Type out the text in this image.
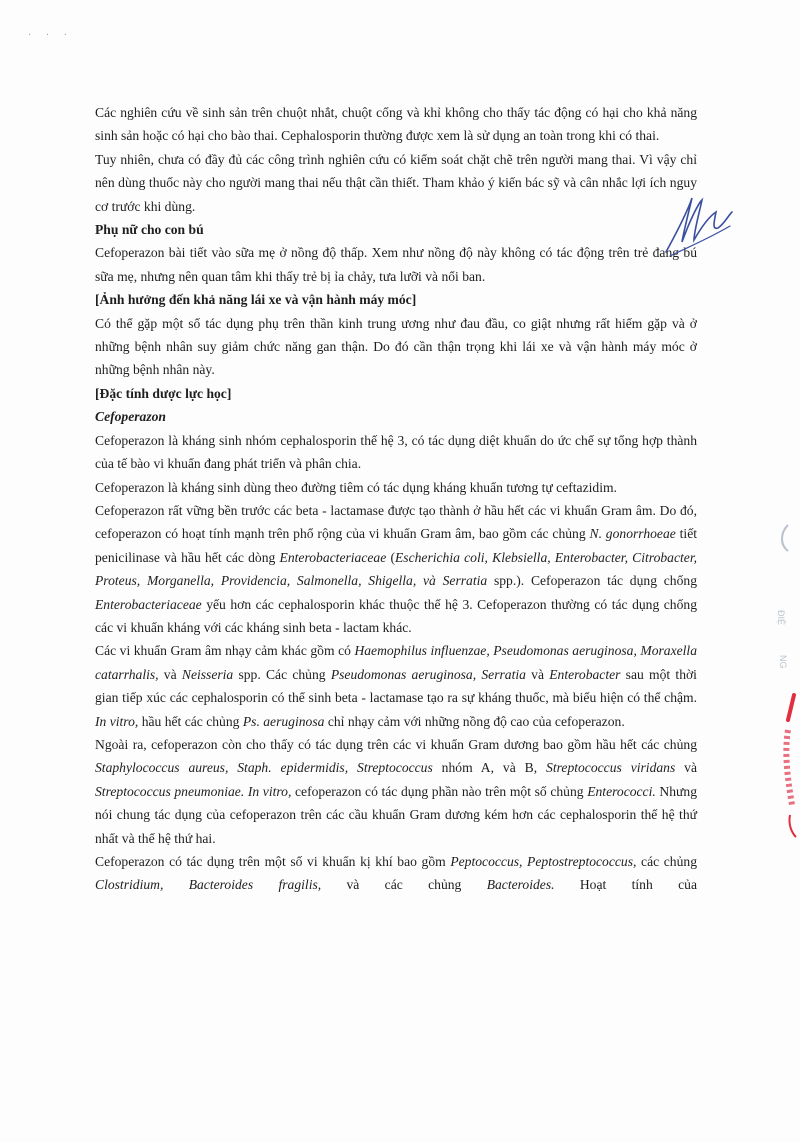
· · ·

Các nghiên cứu về sinh sản trên chuột nhắt, chuột cống và khỉ không cho thấy tác động có hại cho khả năng sinh sản hoặc có hại cho bào thai. Cephalosporin thường được xem là sử dụng an toàn trong khi có thai.

Tuy nhiên, chưa có đầy đủ các công trình nghiên cứu có kiểm soát chặt chẽ trên người mang thai. Vì vậy chỉ nên dùng thuốc này cho người mang thai nếu thật cần thiết. Tham khảo ý kiến bác sỹ và cân nhắc lợi ích nguy cơ trước khi dùng.

Phụ nữ cho con bú

Cefoperazon bài tiết vào sữa mẹ ở nồng độ thấp. Xem như nồng độ này không có tác động trên trẻ đang bú sữa mẹ, nhưng nên quan tâm khi thấy trẻ bị ỉa chảy, tưa lưỡi và nổi ban.

[Ảnh hưởng đến khả năng lái xe và vận hành máy móc]

Có thể gặp một số tác dụng phụ trên thần kinh trung ương như đau đầu, co giật nhưng rất hiếm gặp và ở những bệnh nhân suy giảm chức năng gan thận. Do đó cần thận trọng khi lái xe và vận hành máy móc ở những bệnh nhân này.

[Đặc tính dược lực học]

Cefoperazon

Cefoperazon là kháng sinh nhóm cephalosporin thế hệ 3, có tác dụng diệt khuẩn do ức chế sự tổng hợp thành của tế bào vi khuẩn đang phát triển và phân chia.

Cefoperazon là kháng sinh dùng theo đường tiêm có tác dụng kháng khuẩn tương tự ceftazidim.

Cefoperazon rất vững bền trước các beta - lactamase được tạo thành ở hầu hết các vi khuẩn Gram âm. Do đó, cefoperazon có hoạt tính mạnh trên phổ rộng của vi khuẩn Gram âm, bao gồm các chủng N. gonorrhoeae tiết penicilinase và hầu hết các dòng Enterobacteriaceae (Escherichia coli, Klebsiella, Enterobacter, Citrobacter, Proteus, Morganella, Providencia, Salmonella, Shigella, và Serratia spp.). Cefoperazon tác dụng chống Enterobacteriaceae yếu hơn các cephalosporin khác thuộc thế hệ 3. Cefoperazon thường có tác dụng chống các vi khuẩn kháng với các kháng sinh beta - lactam khác.

Các vi khuẩn Gram âm nhạy cảm khác gồm có Haemophilus influenzae, Pseudomonas aeruginosa, Moraxella catarrhalis, và Neisseria spp. Các chủng Pseudomonas aeruginosa, Serratia và Enterobacter sau một thời gian tiếp xúc các cephalosporin có thể sinh beta - lactamase tạo ra sự kháng thuốc, mà biểu hiện có thể chậm. In vitro, hầu hết các chủng Ps. aeruginosa chỉ nhạy cảm với những nồng độ cao của cefoperazon.

Ngoài ra, cefoperazon còn cho thấy có tác dụng trên các vi khuẩn Gram dương bao gồm hầu hết các chủng Staphylococcus aureus, Staph. epidermidis, Streptococcus nhóm A, và B, Streptococcus viridans và Streptococcus pneumoniae. In vitro, cefoperazon có tác dụng phần nào trên một số chủng Enterococci. Nhưng nói chung tác dụng của cefoperazon trên các cầu khuẩn Gram dương kém hơn các cephalosporin thế hệ thứ nhất và thế hệ thứ hai.

Cefoperazon có tác dụng trên một số vi khuẩn kị khí bao gồm Peptococcus, Peptostreptococcus, các chủng Clostridium, Bacteroides fragilis, và các chủng Bacteroides. Hoạt tính của

ĐIỆ
NG
